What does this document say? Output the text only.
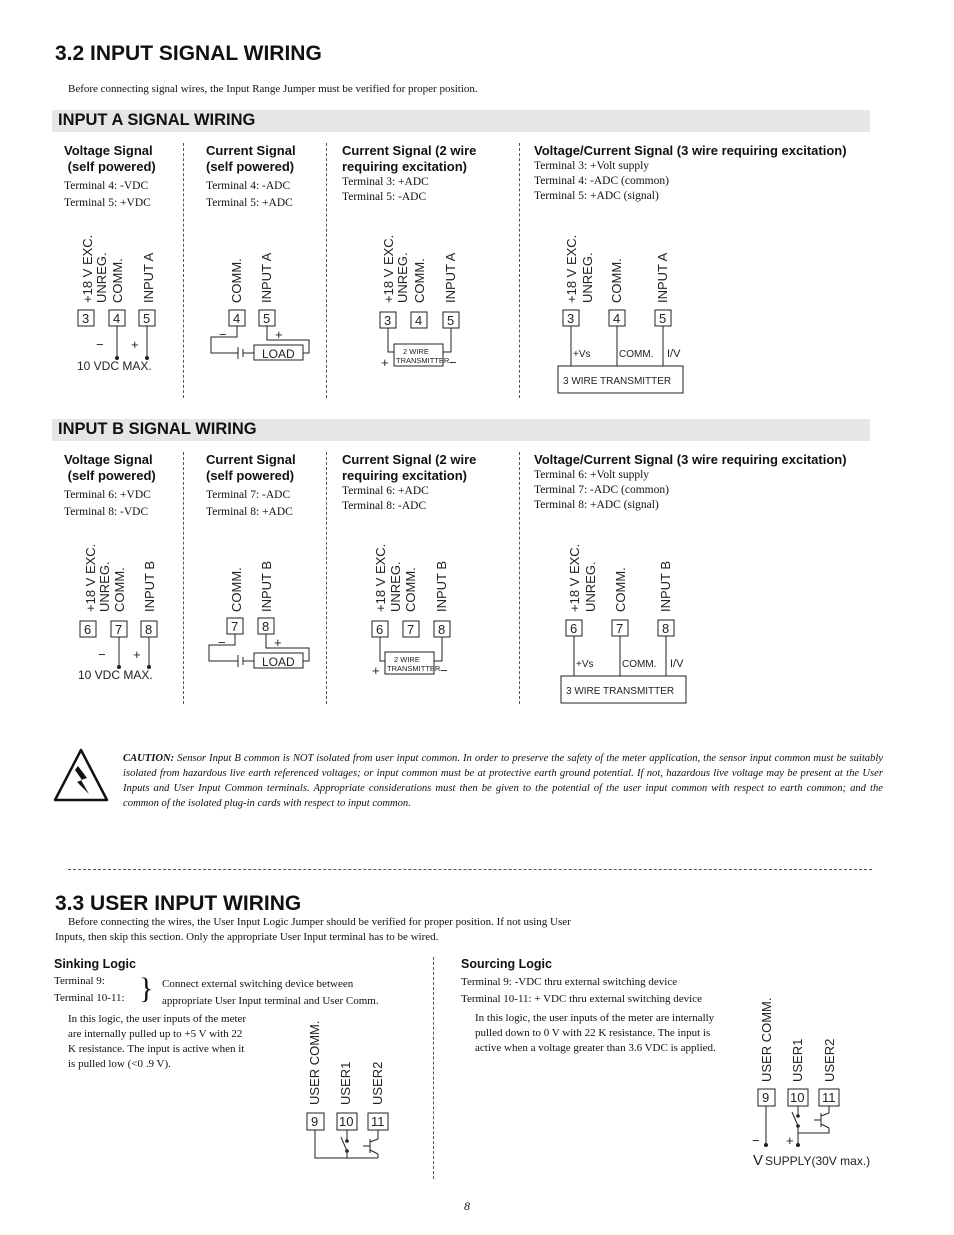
3.2 INPUT SIGNAL WIRING
Before connecting signal wires, the Input Range Jumper must be verified for proper position.
INPUT A SIGNAL WIRING
Voltage Signal
(self powered)
Terminal 4: -VDC
Terminal 5: +VDC
Current Signal
(self powered)
Terminal 4: -ADC
Terminal 5: +ADC
Current Signal (2 wire
requiring excitation)
Terminal 3: +ADC
Terminal 5: -ADC
Voltage/Current Signal (3 wire requiring excitation)
Terminal 3: +Volt supply
Terminal 4: -ADC (common)
Terminal 5: +ADC (signal)
+18 V EXC. UNREG. COMM. INPUT A
3 4 5
− +
10 VDC MAX.
COMM. INPUT A
4 5
−	+
LOAD
+18 V EXC. UNREG. COMM. INPUT A
3 4 5
2 WIRE
TRANSMITTER
+	−
+18 V EXC. UNREG. COMM. INPUT A
3	4	5
+Vs	COMM. I/V
3 WIRE TRANSMITTER
INPUT B SIGNAL WIRING
Voltage Signal
(self powered)
Terminal 6: +VDC
Terminal 8: -VDC
Current Signal
(self powered)
Terminal 7: -ADC
Terminal 8: +ADC
Current Signal (2 wire
requiring excitation)
Terminal 6: +ADC
Terminal 8: -ADC
Voltage/Current Signal (3 wire requiring excitation)
Terminal 6: +Volt supply
Terminal 7: -ADC (common)
Terminal 8: +ADC (signal)
+18 V EXC. UNREG. COMM. INPUT B
6 7 8
− +
10 VDC MAX.
COMM. INPUT B
7 8
−	+
LOAD
+18 V EXC. UNREG. COMM. INPUT B
6 7 8
2 WIRE
TRANSMITTER
+	−
+18 V EXC. UNREG. COMM. INPUT B
6	7	8
+Vs	COMM. I/V
3 WIRE TRANSMITTER
CAUTION: Sensor Input B common is NOT isolated from user input common. In order to preserve the safety of the meter application, the sensor input common must be suitably isolated from hazardous live earth referenced voltages; or input common must be at protective earth ground potential. If not, hazardous live voltage may be present at the User Inputs and User Input Common terminals. Appropriate considerations must then be given to the potential of the user input common with respect to earth common; and the common of the isolated plug-in cards with respect to input common.
3.3 USER INPUT WIRING
Before connecting the wires, the User Input Logic Jumper should be verified for proper position. If not using User
Inputs, then skip this section. Only the appropriate User Input terminal has to be wired.
Sinking Logic
Terminal 9:
Terminal 10-11: } Connect external switching device between
appropriate User Input terminal and User Comm.
In this logic, the user inputs of the meter
are internally pulled up to +5 V with 22
K resistance. The input is active when it
is pulled low (<0 .9 V).	USER COMM. USER1 USER2
9 10 11
Sourcing Logic
Terminal 9: -VDC thru external switching device
Terminal 10-11: + VDC thru external switching device
In this logic, the user inputs of the meter are internally
pulled down to 0 V with 22 K resistance. The input is
active when a voltage greater than 3.6 VDC is applied.	USER COMM. USER1 USER2
9 10 11
− +
V SUPPLY(30V max.)
8
